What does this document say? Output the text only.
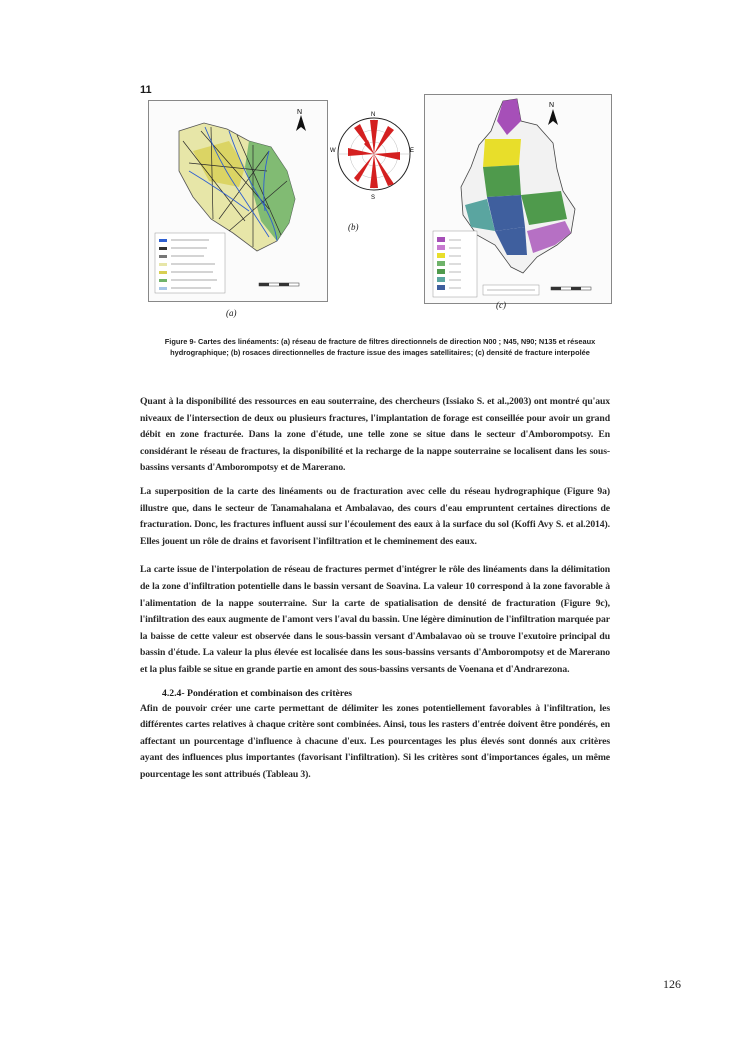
11
N
(a)
N
S
E
W
(b)
N
(c)
Figure 9- Cartes des linéaments: (a) réseau de fracture de filtres directionnels de direction N00 ; N45, N90; N135 et réseaux hydrographique; (b) rosaces directionnelles de fracture issue des images satellitaires; (c) densité de fracture interpolée

Quant à la disponibilité des ressources en eau souterraine, des chercheurs (Issiako S. et al.,2003) ont montré qu'aux niveaux de l'intersection de deux ou plusieurs fractures, l'implantation de forage est conseillée pour avoir un grand débit en zone fracturée. Dans la zone d'étude, une telle zone se situe dans le secteur d'Amborompotsy. En considérant le réseau de fractures, la disponibilité et la recharge de la nappe souterraine se localisent dans les sous-bassins versants d'Amborompotsy et de Marerano.

La superposition de la carte des linéaments ou de fracturation avec celle du réseau hydrographique (Figure 9a) illustre que, dans le secteur de Tanamahalana et Ambalavao, des cours d'eau empruntent certaines directions de fracturation. Donc, les fractures influent aussi sur l'écoulement des eaux à la surface du sol (Koffi Avy S. et al.2014). Elles jouent un rôle de drains et favorisent l'infiltration et le cheminement des eaux.

La carte issue de l'interpolation de réseau de fractures permet d'intégrer le rôle des linéaments dans la délimitation de la zone d'infiltration potentielle dans le bassin versant de Soavina. La valeur 10 correspond à la zone favorable à l'alimentation de la nappe souterraine. Sur la carte de spatialisation de densité de fracturation (Figure 9c), l'infiltration des eaux augmente de l'amont vers l'aval du bassin. Une légère diminution de l'infiltration marquée par la baisse de cette valeur est observée dans le sous-bassin versant d'Ambalavao où se trouve l'exutoire principal du bassin d'étude. La valeur la plus élevée est localisée dans les sous-bassins versants d'Amborompotsy et de Marerano et la plus faible se situe en grande partie en amont des sous-bassins versants de Voenana et d'Andrarezona.

4.2.4- Pondération et combinaison des critères

Afin de pouvoir créer une carte permettant de délimiter les zones potentiellement favorables à l'infiltration, les différentes cartes relatives à chaque critère sont combinées. Ainsi, tous les rasters d'entrée doivent être pondérés, en affectant un pourcentage d'influence à chacune d'eux. Les pourcentages les plus élevés sont donnés aux critères ayant des influences plus importantes (favorisant l'infiltration). Si les critères sont d'importances égales, un même pourcentage les sont attribués (Tableau 3).

126
